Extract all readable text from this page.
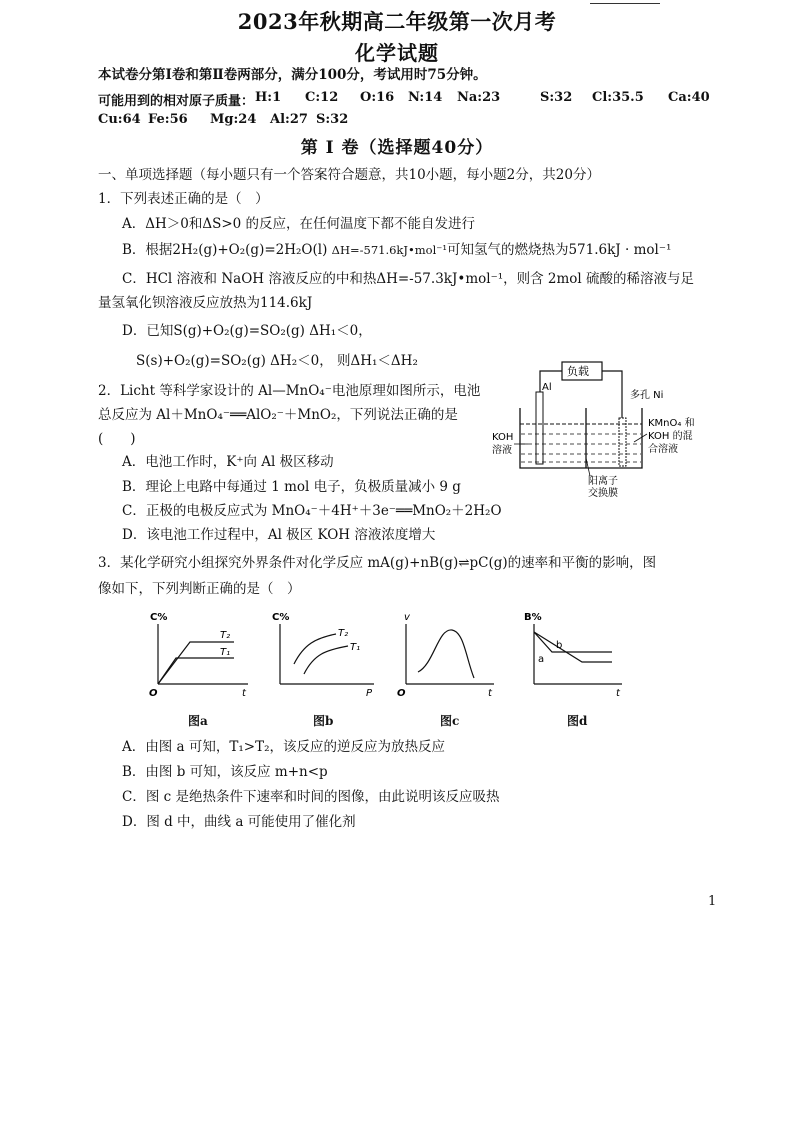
2023年秋期高二年级第一次月考
化学试题
本试卷分第Ⅰ卷和第Ⅱ卷两部分，满分100分，考试用时75分钟。
可能用到的相对原子质量： H:1 C:12 O:16 N:14 Na:23	S:32 Cl:35.5 Ca:40
Cu:64 Fe:56 Mg:24 Al:27 S:32
第 Ⅰ 卷（选择题40分）
一、单项选择题（每小题只有一个答案符合题意，共10小题，每小题2分，共20分）
1．下列表述正确的是（　）
A．ΔH＞0和ΔS>0 的反应，在任何温度下都不能自发进行
B．根据2H₂(g)+O₂(g)=2H₂O(l) ΔH=-571.6kJ•mol⁻¹可知氢气的燃烧热为571.6kJ · mol⁻¹
C．HCl 溶液和 NaOH 溶液反应的中和热ΔH=-57.3kJ•mol⁻¹，则含 2mol 硫酸的稀溶液与足
量氢氧化钡溶液反应放热为114.6kJ
D．已知S(g)+O₂(g)=SO₂(g) ΔH₁＜0，
S(s)+O₂(g)=SO₂(g) ΔH₂＜0， 则ΔH₁＜ΔH₂
2．Licht 等科学家设计的 Al—MnO₄⁻电池原理如图所示，电池
总反应为 Al＋MnO₄⁻══AlO₂⁻＋MnO₂，下列说法正确的是
(　　)
A．电池工作时，K⁺向 Al 极区移动
B．理论上电路中每通过 1 mol 电子，负极质量减小 9 g
C．正极的电极反应式为 MnO₄⁻＋4H⁺＋3e⁻══MnO₂＋2H₂O
D．该电池工作过程中，Al 极区 KOH 溶液浓度增大
负载
Al
多孔 Ni
KOH
溶液
KMnO₄ 和
KOH 的混
合溶液
阳离子
交换膜
3．某化学研究小组探究外界条件对化学反应 mA(g)+nB(g)⇌pC(g)的速率和平衡的影响，图
像如下，下列判断正确的是（　）
C%
O	t
T₂
T₁
C%
P
T₂
T₁
v
O	t
B%
t
b
a
图a	图b	图c	图d
A．由图 a 可知，T₁>T₂，该反应的逆反应为放热反应
B．由图 b 可知，该反应 m+n<p
C．图 c 是绝热条件下速率和时间的图像，由此说明该反应吸热
D．图 d 中，曲线 a 可能使用了催化剂
1
